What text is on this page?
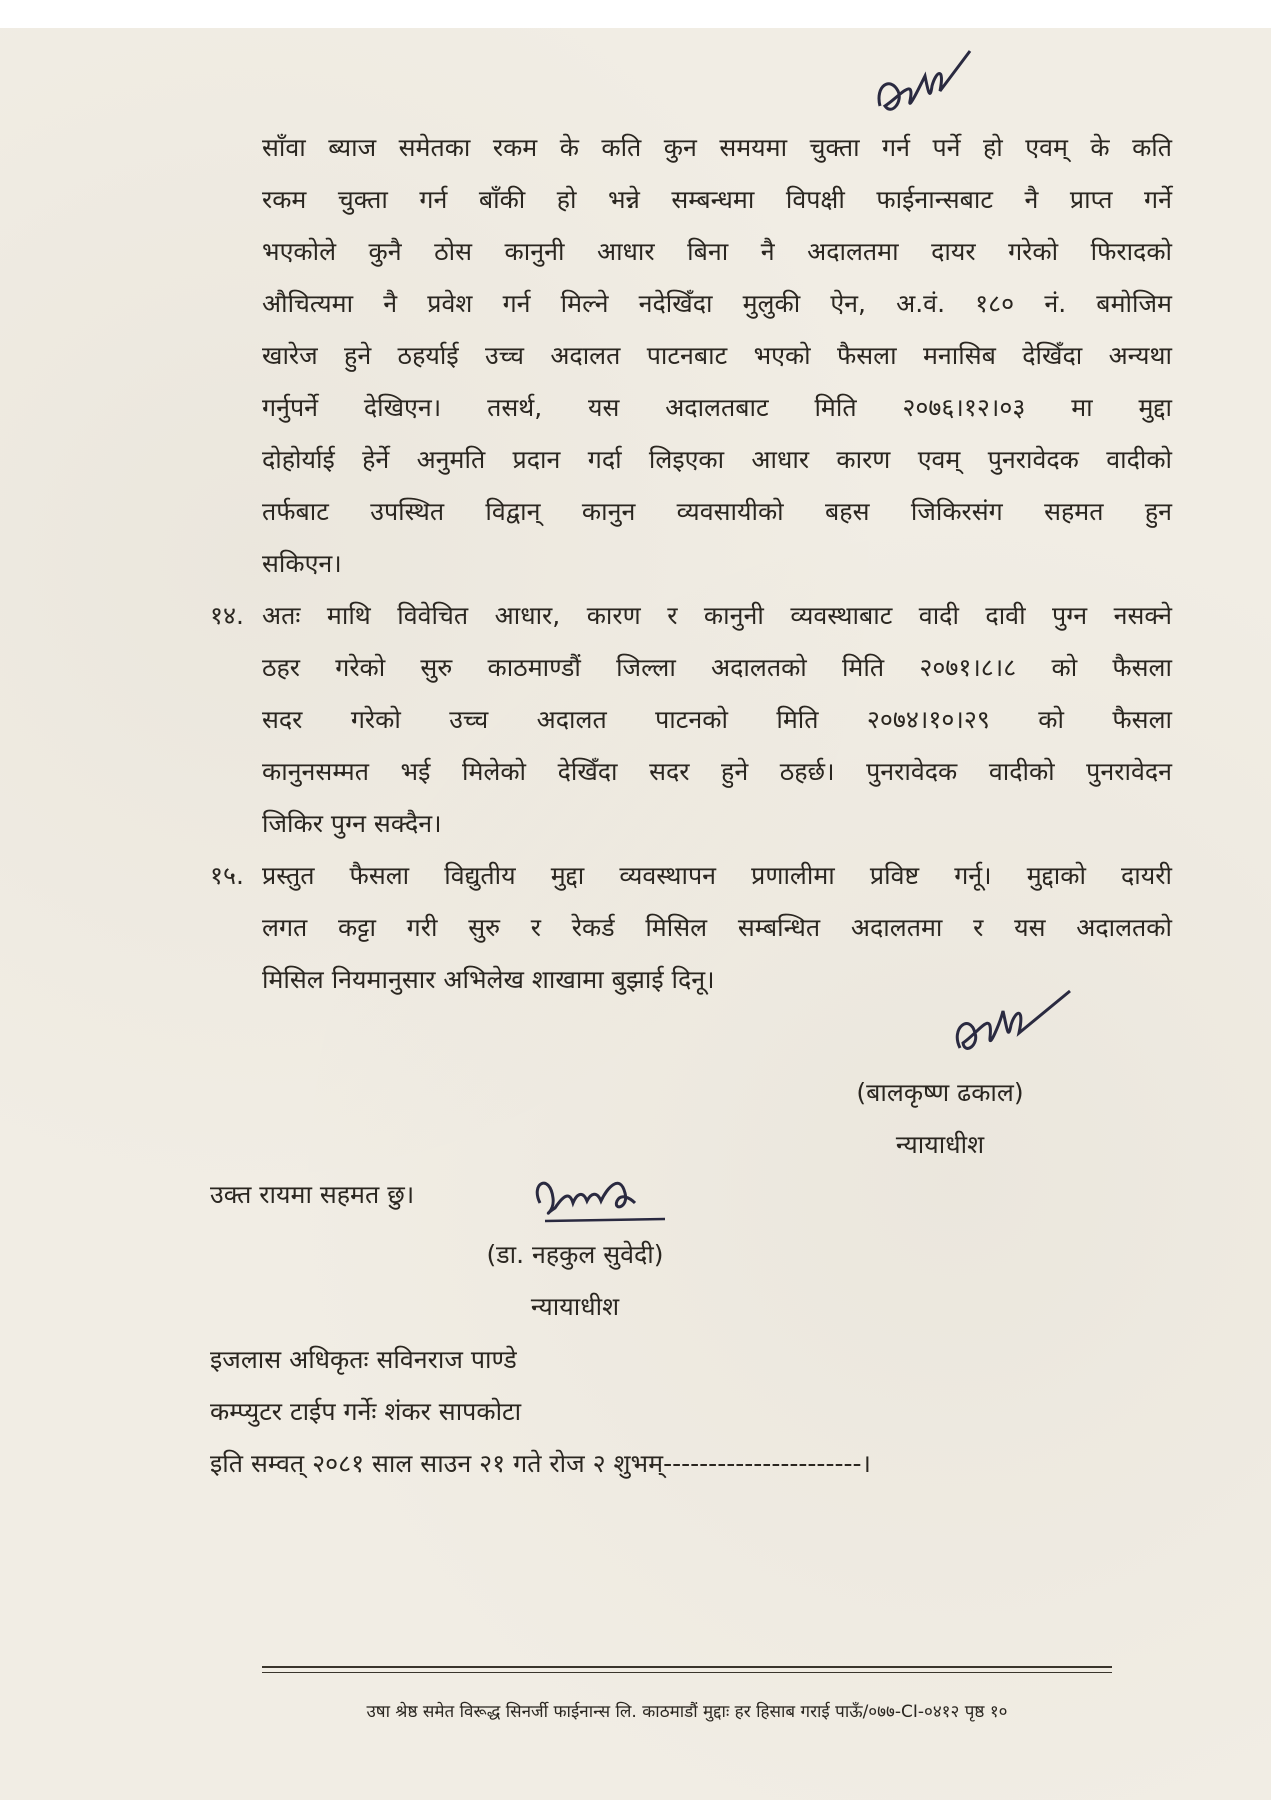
साँवा ब्याज समेतका रकम के कति कुन समयमा चुक्ता गर्न पर्ने हो एवम् के कति
रकम चुक्ता गर्न बाँकी हो भन्ने सम्बन्धमा विपक्षी फाईनान्सबाट नै प्राप्त गर्ने
भएकोले कुनै ठोस कानुनी आधार बिना नै अदालतमा दायर गरेको फिरादको
औचित्यमा नै प्रवेश गर्न मिल्ने नदेखिँदा मुलुकी ऐन, अ.वं. १८० नं. बमोजिम
खारेज हुने ठहर्याई उच्च अदालत पाटनबाट भएको फैसला मनासिब देखिँदा अन्यथा
गर्नुपर्ने देखिएन। तसर्थ, यस अदालतबाट मिति २०७६।१२।०३ मा मुद्दा
दोहोर्याई हेर्ने अनुमति प्रदान गर्दा लिइएका आधार कारण एवम् पुनरावेदक वादीको
तर्फबाट उपस्थित विद्वान् कानुन व्यवसायीको बहस जिकिरसंग सहमत हुन
सकिएन।
१४. अतः माथि विवेचित आधार, कारण र कानुनी व्यवस्थाबाट वादी दावी पुग्न नसक्ने
ठहर गरेको सुरु काठमाण्डौं जिल्ला अदालतको मिति २०७१।८।८ को फैसला
सदर गरेको उच्च अदालत पाटनको मिति २०७४।१०।२९ को फैसला
कानुनसम्मत भई मिलेको देखिँदा सदर हुने ठहर्छ। पुनरावेदक वादीको पुनरावेदन
जिकिर पुग्न सक्दैन।
१५. प्रस्तुत फैसला विद्युतीय मुद्दा व्यवस्थापन प्रणालीमा प्रविष्ट गर्नू। मुद्दाको दायरी
लगत कट्टा गरी सुरु र रेकर्ड मिसिल सम्बन्धित अदालतमा र यस अदालतको
मिसिल नियमानुसार अभिलेख शाखामा बुझाई दिनू।
(बालकृष्ण ढकाल)
न्यायाधीश
उक्त रायमा सहमत छु।
(डा. नहकुल सुवेदी)
न्यायाधीश
इजलास अधिकृतः सविनराज पाण्डे
कम्प्युटर टाईप गर्नेः शंकर सापकोटा
इति सम्वत् २०८१ साल साउन २१ गते रोज २ शुभम्----------------------।
उषा श्रेष्ठ समेत विरूद्ध सिनर्जी फाईनान्स लि. काठमाडौं मुद्दाः हर हिसाब गराई पाऊँ/०७७-CI-०४१२ पृष्ठ १०
